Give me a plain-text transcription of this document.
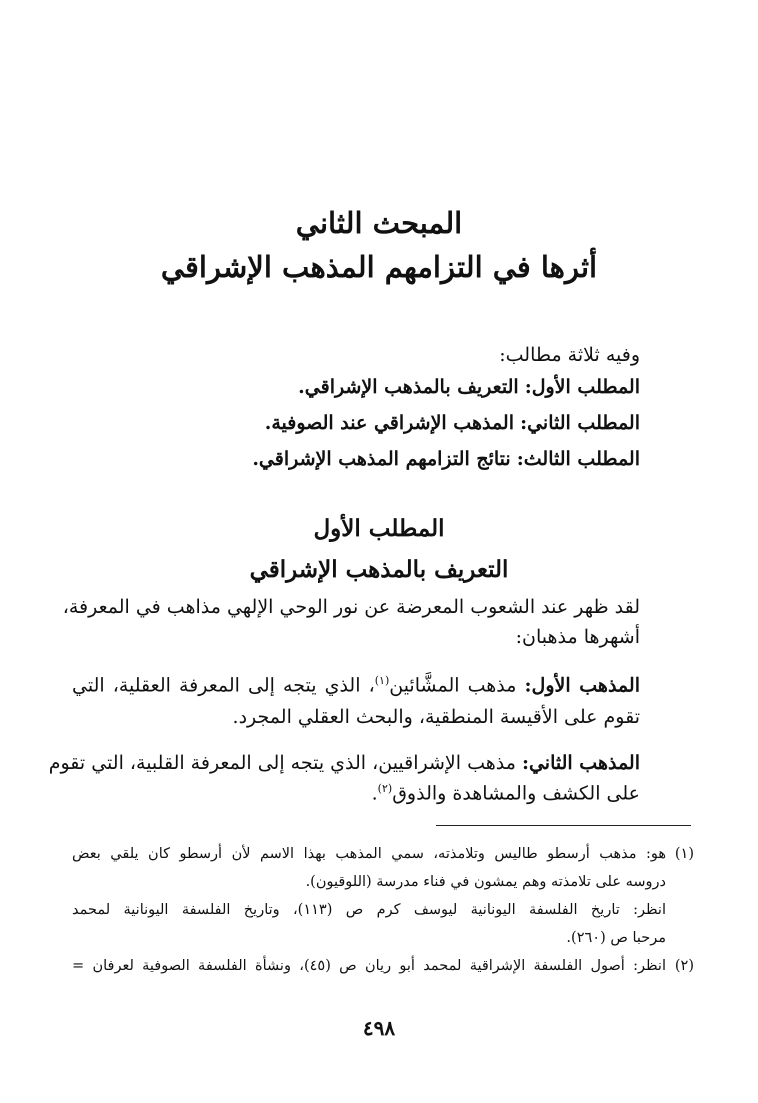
المبحث الثاني
أثرها في التزامهم المذهب الإشراقي
وفيه ثلاثة مطالب:
المطلب الأول: التعريف بالمذهب الإشراقي.
المطلب الثاني: المذهب الإشراقي عند الصوفية.
المطلب الثالث: نتائج التزامهم المذهب الإشراقي.
المطلب الأول
التعريف بالمذهب الإشراقي
لقد ظهر عند الشعوب المعرضة عن نور الوحي الإلهي مذاهب في المعرفة،
أشهرها مذهبان:
المذهب الأول: مذهب المشَّائين$^{(١)}$، الذي يتجه إلى المعرفة العقلية، التي
تقوم على الأقيسة المنطقية، والبحث العقلي المجرد.
المذهب الثاني: مذهب الإشراقيين، الذي يتجه إلى المعرفة القلبية، التي تقوم
على الكشف والمشاهدة والذوق$^{(٢)}$.
(١)
هو: مذهب أرسطو طاليس وتلامذته، سمي المذهب بهذا الاسم لأن أرسطو كان يلقي بعض
دروسه على تلامذته وهم يمشون في فناء مدرسة (اللوقيون).
انظر: تاريخ الفلسفة اليونانية ليوسف كرم ص (١١٣)، وتاريخ الفلسفة اليونانية لمحمد
مرحبا ص (٢٦٠).
(٢)
انظر: أصول الفلسفة الإشراقية لمحمد أبو ريان ص (٤٥)، ونشأة الفلسفة الصوفية لعرفان =
٤٩٨
